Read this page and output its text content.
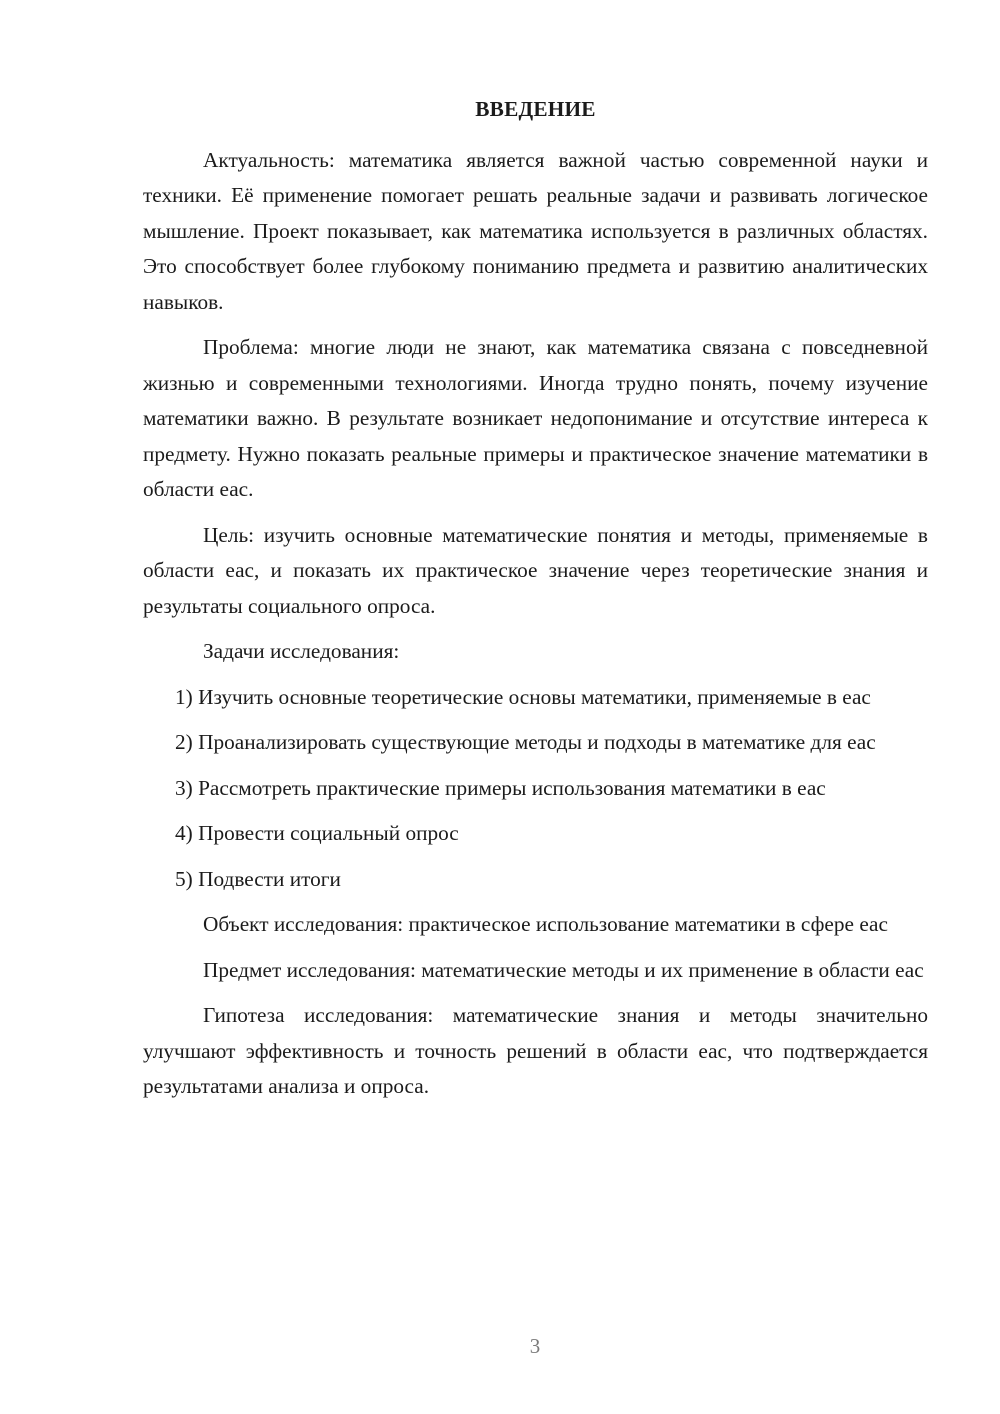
ВВЕДЕНИЕ

Актуальность: математика является важной частью современной науки и техники. Её применение помогает решать реальные задачи и развивать логическое мышление. Проект показывает, как математика используется в различных областях. Это способствует более глубокому пониманию предмета и развитию аналитических навыков.

Проблема: многие люди не знают, как математика связана с повседневной жизнью и современными технологиями. Иногда трудно понять, почему изучение математики важно. В результате возникает недопонимание и отсутствие интереса к предмету. Нужно показать реальные примеры и практическое значение математики в области еас.

Цель: изучить основные математические понятия и методы, применяемые в области еас, и показать их практическое значение через теоретические знания и результаты социального опроса.

Задачи исследования:

1) Изучить основные теоретические основы математики, применяемые в еас

2) Проанализировать существующие методы и подходы в математике для еас

3) Рассмотреть практические примеры использования математики в еас

4) Провести социальный опрос

5) Подвести итоги

Объект исследования: практическое использование математики в сфере еас

Предмет исследования: математические методы и их применение в области еас

Гипотеза исследования: математические знания и методы значительно улучшают эффективность и точность решений в области еас, что подтверждается результатами анализа и опроса.

3
